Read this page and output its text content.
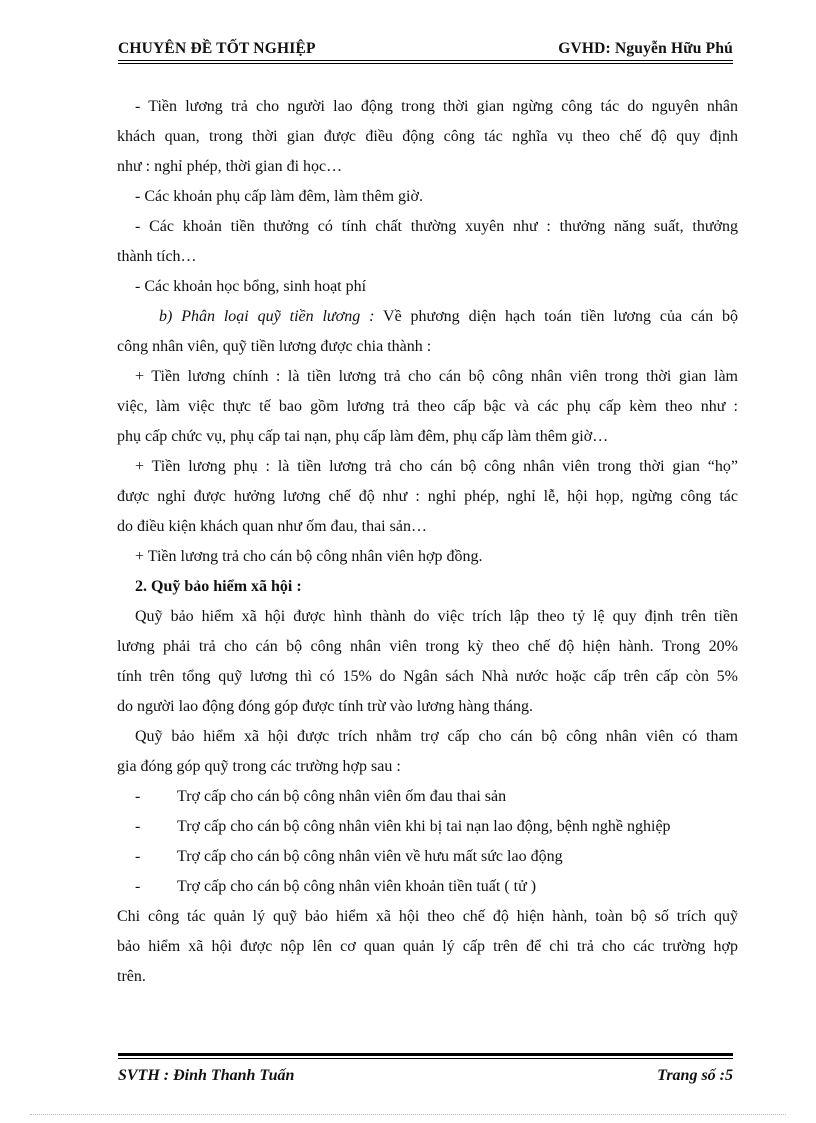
CHUYÊN ĐỀ TỐT NGHIỆP	GVHD: Nguyễn Hữu Phú
- Tiền lương trả cho người lao động trong thời gian ngừng công tác do nguyên nhân
khách quan, trong thời gian được điều động công tác nghĩa vụ theo chế độ quy định
như : nghỉ phép, thời gian đi học…
- Các khoản phụ cấp làm đêm, làm thêm giờ.
- Các khoản tiền thưởng có tính chất thường xuyên như : thưởng năng suất, thưởng
thành tích…
- Các khoản học bổng, sinh hoạt phí
b) Phân loại quỹ tiền lương : Về phương diện hạch toán tiền lương của cán bộ
công nhân viên, quỹ tiền lương được chia thành :
+ Tiền lương chính : là tiền lương trả cho cán bộ công nhân viên trong thời gian làm
việc, làm việc thực tế bao gồm lương trả theo cấp bậc và các phụ cấp kèm theo như :
phụ cấp chức vụ, phụ cấp tai nạn, phụ cấp làm đêm, phụ cấp làm thêm giờ…
+ Tiền lương phụ : là tiền lương trả cho cán bộ công nhân viên trong thời gian “họ”
được nghỉ được hưởng lương chế độ như : nghỉ phép, nghỉ lễ, hội họp, ngừng công tác
do điều kiện khách quan như ốm đau, thai sản…
+ Tiền lương trả cho cán bộ công nhân viên hợp đồng.
2. Quỹ bảo hiểm xã hội :
Quỹ bảo hiểm xã hội được hình thành do việc trích lập theo tỷ lệ quy định trên tiền
lương phải trả cho cán bộ công nhân viên trong kỳ theo chế độ hiện hành. Trong 20%
tính trên tổng quỹ lương thì có 15% do Ngân sách Nhà nước hoặc cấp trên cấp còn 5%
do người lao động đóng góp được tính trừ vào lương hàng tháng.
Quỹ bảo hiểm xã hội được trích nhằm trợ cấp cho cán bộ công nhân viên có tham
gia đóng góp quỹ trong các trường hợp sau :
- Trợ cấp cho cán bộ công nhân viên ốm đau thai sản
- Trợ cấp cho cán bộ công nhân viên khi bị tai nạn lao động, bệnh nghề nghiệp
- Trợ cấp cho cán bộ công nhân viên về hưu mất sức lao động
- Trợ cấp cho cán bộ công nhân viên khoản tiền tuất ( tử )
Chi công tác quản lý quỹ bảo hiểm xã hội theo chế độ hiện hành, toàn bộ số trích quỹ
bảo hiểm xã hội được nộp lên cơ quan quản lý cấp trên để chi trả cho các trường hợp
trên.
SVTH : Đinh Thanh Tuấn	Trang số :5
